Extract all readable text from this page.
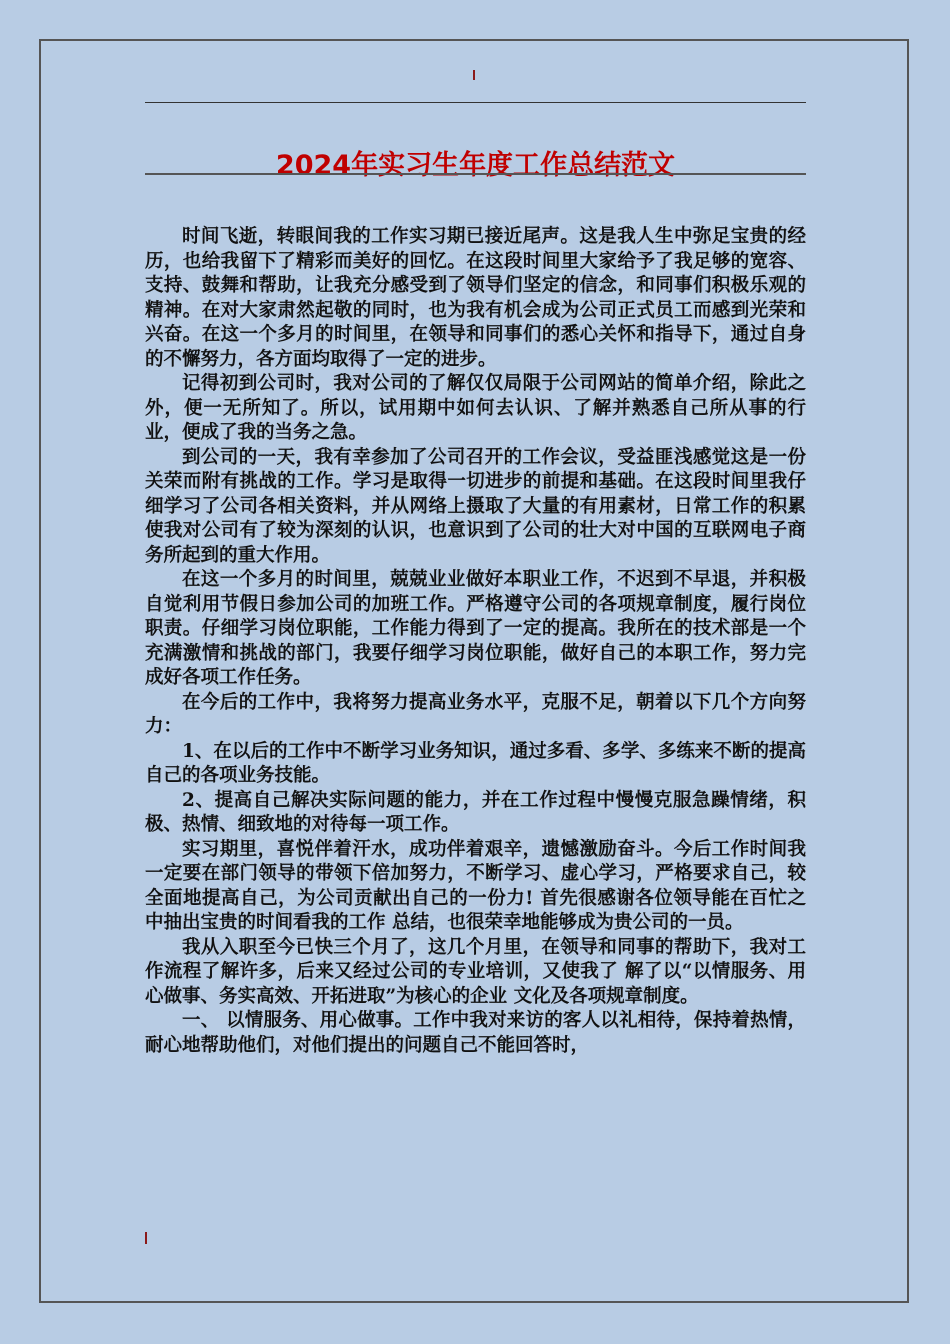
2024年实习生年度工作总结范文

时间飞逝，转眼间我的工作实习期已接近尾声。这是我人生中弥足宝贵的经历，也给我留下了精彩而美好的回忆。在这段时间里大家给予了我足够的宽容、支持、鼓舞和帮助，让我充分感受到了领导们坚定的信念，和同事们积极乐观的精神。在对大家肃然起敬的同时，也为我有机会成为公司正式员工而感到光荣和兴奋。在这一个多月的时间里，在领导和同事们的悉心关怀和指导下，通过自身的不懈努力，各方面均取得了一定的进步。

记得初到公司时，我对公司的了解仅仅局限于公司网站的简单介绍，除此之外，便一无所知了。所以，试用期中如何去认识、了解并熟悉自己所从事的行业，便成了我的当务之急。

到公司的一天，我有幸参加了公司召开的工作会议，受益匪浅感觉这是一份关荣而附有挑战的工作。学习是取得一切进步的前提和基础。在这段时间里我仔细学习了公司各相关资料，并从网络上摄取了大量的有用素材，日常工作的积累使我对公司有了较为深刻的认识，也意识到了公司的壮大对中国的互联网电子商务所起到的重大作用。

在这一个多月的时间里，兢兢业业做好本职业工作，不迟到不早退，并积极自觉利用节假日参加公司的加班工作。严格遵守公司的各项规章制度，履行岗位职责。仔细学习岗位职能，工作能力得到了一定的提高。我所在的技术部是一个充满激情和挑战的部门，我要仔细学习岗位职能，做好自己的本职工作，努力完成好各项工作任务。

在今后的工作中，我将努力提高业务水平，克服不足，朝着以下几个方向努力：

1、在以后的工作中不断学习业务知识，通过多看、多学、多练来不断的提高自己的各项业务技能。

2、提高自己解决实际问题的能力，并在工作过程中慢慢克服急躁情绪，积极、热情、细致地的对待每一项工作。

实习期里，喜悦伴着汗水，成功伴着艰辛，遗憾激励奋斗。今后工作时间我一定要在部门领导的带领下倍加努力，不断学习、虚心学习，严格要求自己，较全面地提高自己，为公司贡献出自己的一份力! 首先很感谢各位领导能在百忙之中抽出宝贵的时间看我的工作 总结，也很荣幸地能够成为贵公司的一员。

我从入职至今已快三个月了，这几个月里，在领导和同事的帮助下，我对工作流程了解许多，后来又经过公司的专业培训，又使我了 解了以“以情服务、用心做事、务实高效、开拓进取”为核心的企业 文化及各项规章制度。

一、 以情服务、用心做事。工作中我对来访的客人以礼相待，保持着热情，耐心地帮助他们，对他们提出的问题自己不能回答时，
